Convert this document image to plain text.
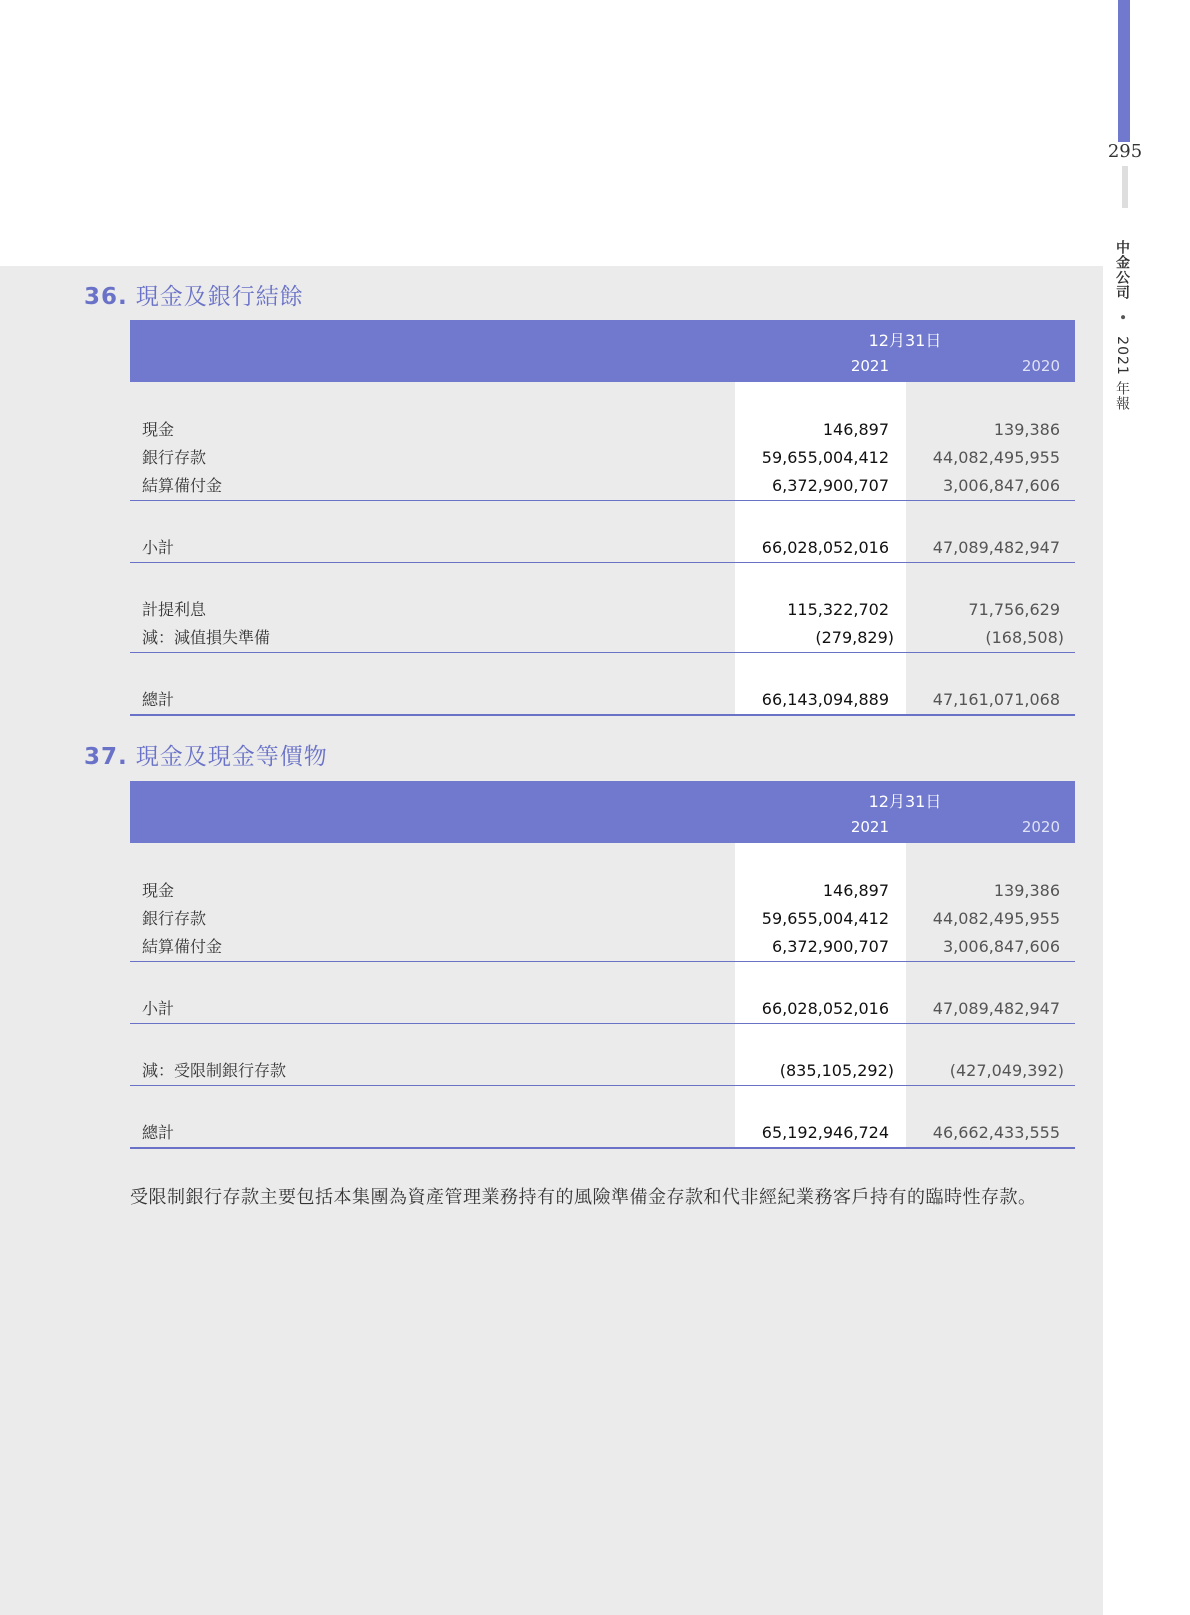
295
中金公司 • 2021 年報
36. 現金及銀行結餘
12月31日
2021	2020
現金	146,897	139,386
銀行存款	59,655,004,412	44,082,495,955
結算備付金	6,372,900,707	3,006,847,606
小計	66,028,052,016	47,089,482,947
計提利息	115,322,702	71,756,629
減：減值損失準備	(279,829)	(168,508)
總計	66,143,094,889	47,161,071,068
37. 現金及現金等價物
12月31日
2021	2020
現金	146,897	139,386
銀行存款	59,655,004,412	44,082,495,955
結算備付金	6,372,900,707	3,006,847,606
小計	66,028,052,016	47,089,482,947
減：受限制銀行存款	(835,105,292)	(427,049,392)
總計	65,192,946,724	46,662,433,555
受限制銀行存款主要包括本集團為資產管理業務持有的風險準備金存款和代非經紀業務客戶持有的臨時性存款。
